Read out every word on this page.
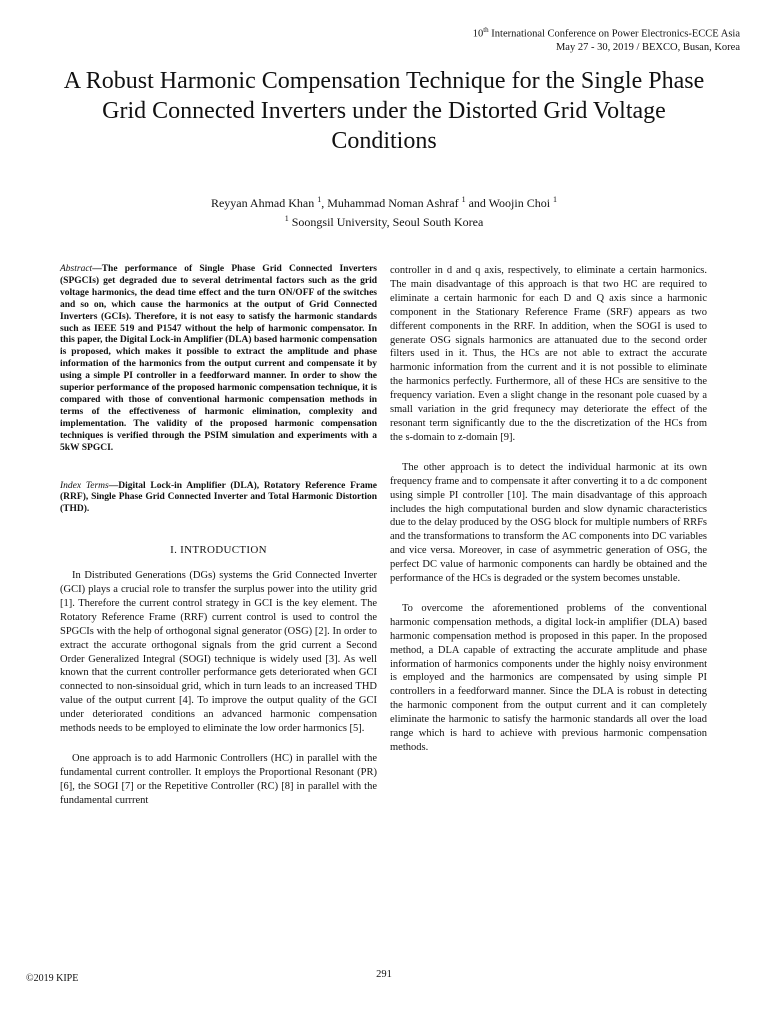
10th International Conference on Power Electronics-ECCE Asia
May 27 - 30, 2019 / BEXCO, Busan, Korea
A Robust Harmonic Compensation Technique for the Single Phase Grid Connected Inverters under the Distorted Grid Voltage Conditions
Reyyan Ahmad Khan $^1$, Muhammad Noman Ashraf $^1$ and Woojin Choi $^1$
$^1$ Soongsil University, Seoul South Korea

Abstract—The performance of Single Phase Grid Connected Inverters (SPGCIs) get degraded due to several detrimental factors such as the grid voltage harmonics, the dead time effect and the turn ON/OFF of the switches and so on, which cause the harmonics at the output of Grid Connected Inverters (GCIs). Therefore, it is not easy to satisfy the harmonic standards such as IEEE 519 and P1547 without the help of harmonic compensator. In this paper, the Digital Lock-in Amplifier (DLA) based harmonic compensation is proposed, which makes it possible to extract the amplitude and phase information of the harmonics from the output current and compensate it by using a simple PI controller in a feedforward manner. In order to show the superior performance of the proposed harmonic compensation technique, it is compared with those of conventional harmonic compensation methods in terms of the effectiveness of harmonic elimination, complexity and implementation. The validity of the proposed harmonic compensation techniques is verified through the PSIM simulation and experiments with a 5kW SPGCI.

Index Terms—Digital Lock-in Amplifier (DLA), Rotatory Reference Frame (RRF), Single Phase Grid Connected Inverter and Total Harmonic Distortion (THD).

I. INTRODUCTION

In Distributed Generations (DGs) systems the Grid Connected Inverter (GCI) plays a crucial role to transfer the surplus power into the utility grid [1]. Therefore the current control strategy in GCI is the key element. The Rotatory Reference Frame (RRF) current control is used to control the SPGCIs with the help of orthogonal signal generator (OSG) [2]. In order to extract the accurate orthogonal signals from the grid current a Second Order Generalized Integral (SOGI) technique is widely used [3]. As well known that the current controller performance gets deteriorated when GCI connected to non-sinsoidual grid, which in turn leads to an increased THD value of the output current [4]. To improve the output quality of the GCI under deteriorated conditions an advanced harmonic compensation methods needs to be employed to eliminate the low order harmonics [5].

One approach is to add Harmonic Controllers (HC) in parallel with the fundamental current controller. It employs the Proportional Resonant (PR) [6], the SOGI [7] or the Repetitive Controller (RC) [8] in parallel with the fundamental currrent

controller in d and q axis, respectively, to eliminate a certain harmonics. The main disadvantage of this approach is that two HC are required to eliminate a certain harmonic for each D and Q axis since a harmonic component in the Stationary Reference Frame (SRF) appears as two different components in the RRF. In addition, when the SOGI is used to generate OSG signals harmonics are attanuated due to the second order filters used in it. Thus, the HCs are not able to extract the accurate harmonic information from the current and it is not possible to eliminate the harmonics perfectly. Furthermore, all of these HCs are sensitive to the frequency variation. Even a slight change in the resonant pole cuased by a small variation in the grid frequnecy may deteriorate the effect of the resonant term significantly due to the the discretization of the HCs from the s-domain to z-domain [9].

The other approach is to detect the individual harmonic at its own frequency frame and to compensate it after converting it to a dc component using simple PI controller [10]. The main disadvantage of this approach includes the high computational burden and slow dynamic characteristics due to the delay produced by the OSG block for multiple numbers of RRFs and the transformations to transform the AC components into DC variables and vice versa. Moreover, in case of asymmetric generation of OSG, the perfect DC value of harmonic components can hardly be obtained and the performance of the HCs is degraded or the system becomes unstable.

To overcome the aforementioned problems of the conventional harmonic compensation methods, a digital lock-in amplifier (DLA) based harmonic compensation method is proposed in this paper. In the proposed method, a DLA capable of extracting the accurate amplitude and phase information of harmonics components under the highly noisy environment is employed and the harmonics are compensated by using simple PI controllers in a feedforward manner. Since the DLA is robust in detecting the harmonic component from the output current and it can completely eliminate the harmonic to satisfy the harmonic standards all over the load range which is hard to achieve with previous harmonic compensation methods.

©2019 KIPE	291
